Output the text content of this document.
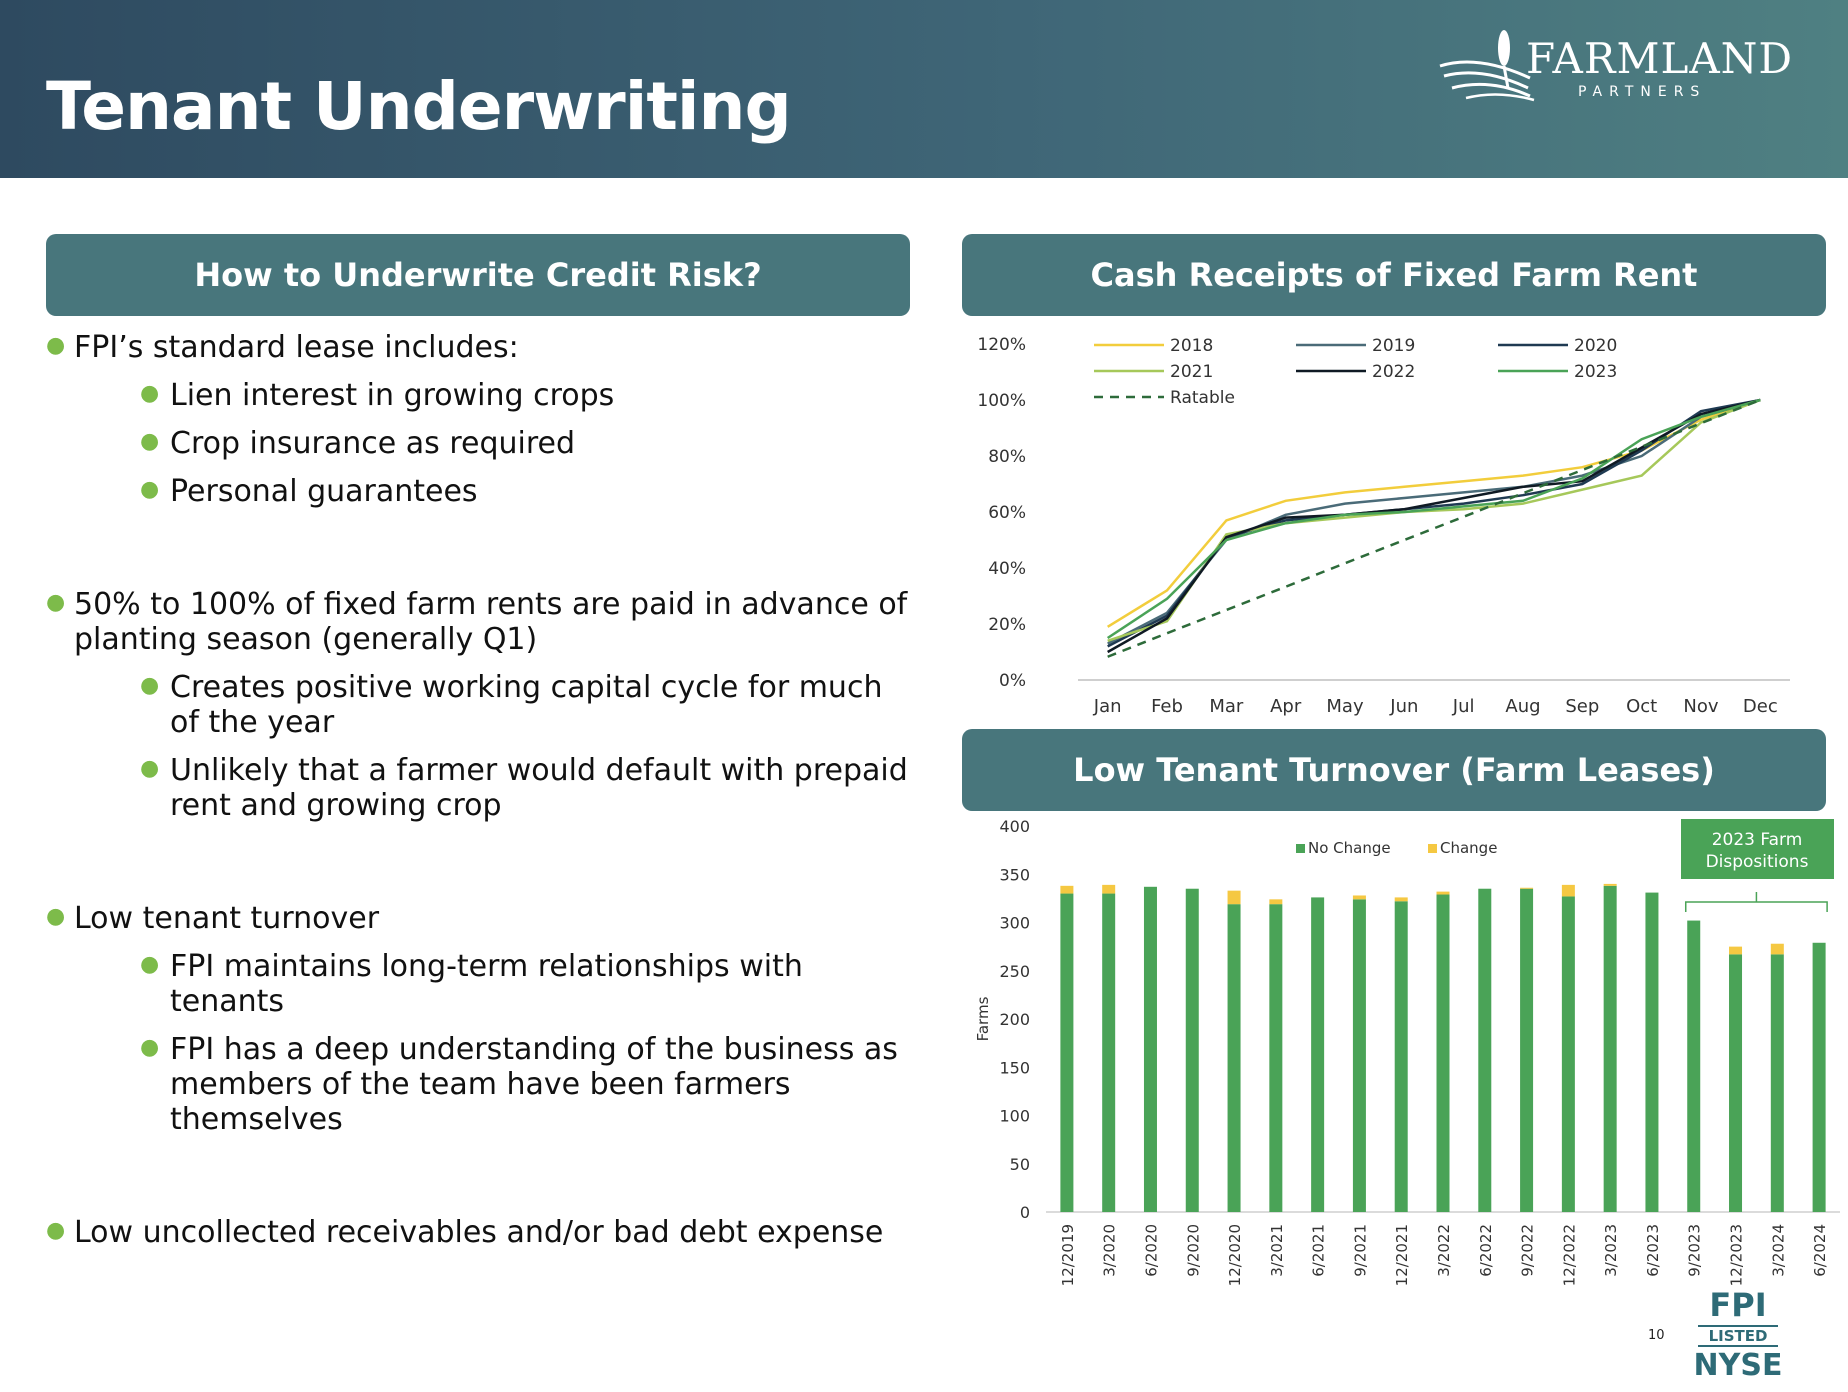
Tenant Underwriting
FARMLAND
PARTNERS
How to Underwrite Credit Risk?	Cash Receipts of Fixed Farm Rent
Low Tenant Turnover (Farm Leases)
● FPI’s standard lease includes:
● Lien interest in growing crops
● Crop insurance as required
● Personal guarantees
● 50% to 100% of fixed farm rents are paid in advance of planting season (generally Q1)
● Creates positive working capital cycle for much of the year
● Unlikely that a farmer would default with prepaid rent and growing crop
● Low tenant turnover
● FPI maintains long-term relationships with tenants
● FPI has a deep understanding of the business as members of the team have been farmers themselves
● Low uncollected receivables and/or bad debt expense
0%
20%
40%
60%
80%
100%
120%
Jan Feb Mar Apr May Jun Jul Aug Sep Oct Nov Dec
2018	2019	2020
2021	2022	2023
Ratable
0
50
100
150
200
250
300
350
400
Farms
12/2019 3/2020 6/2020 9/2020 12/2020 3/2021 6/2021 9/2021 12/2021 3/2022 6/2022 9/2022 12/2022 3/2023 6/2023 9/2023 12/2023 3/2024 6/2024
No Change	Change	2023 Farm
Dispositions
10
FPI
LISTED
NYSE
